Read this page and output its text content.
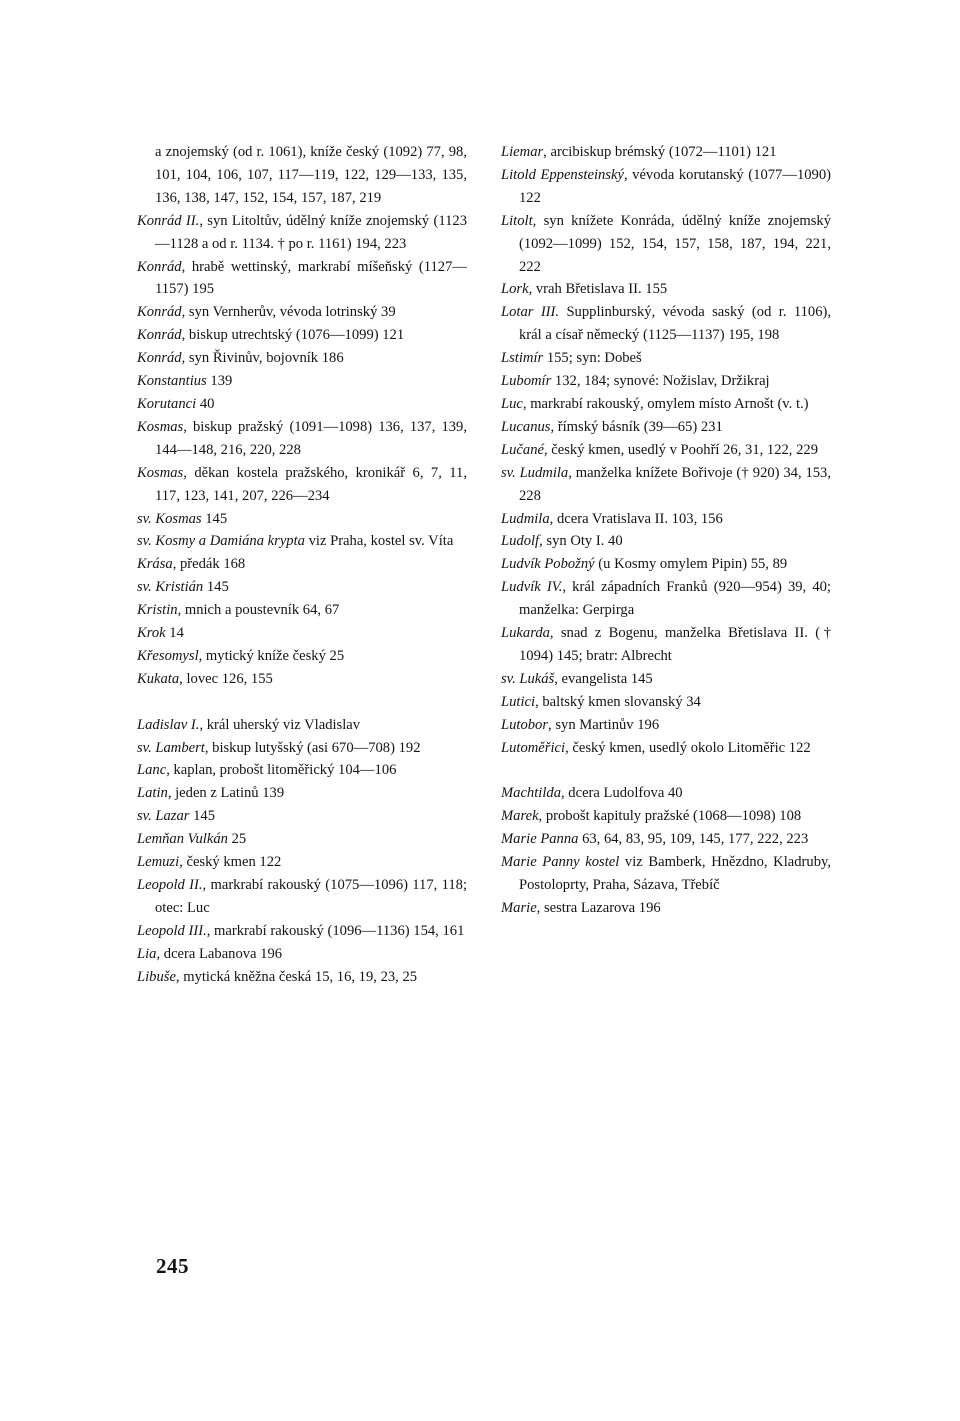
a znojemský (od r. 1061), kníže český (1092) 77, 98, 101, 104, 106, 107, 117—119, 122, 129—133, 135, 136, 138, 147, 152, 154, 157, 187, 219

Konrád II., syn Litoltův, údělný kníže znojemský (1123—1128 a od r. 1134. † po r. 1161) 194, 223

Konrád, hrabě wettinský, markrabí míšeňský (1127—1157) 195

Konrád, syn Vernherův, vévoda lotrinský 39

Konrád, biskup utrechtský (1076—1099) 121

Konrád, syn Řivinův, bojovník 186

Konstantius 139

Korutanci 40

Kosmas, biskup pražský (1091—1098) 136, 137, 139, 144—148, 216, 220, 228

Kosmas, děkan kostela pražského, kronikář 6, 7, 11, 117, 123, 141, 207, 226—234

sv. Kosmas 145

sv. Kosmy a Damiána krypta viz Praha, kostel sv. Víta

Krása, předák 168

sv. Kristián 145

Kristin, mnich a poustevník 64, 67

Krok 14

Křesomysl, mytický kníže český 25

Kukata, lovec 126, 155

Ladislav I., král uherský viz Vladislav

sv. Lambert, biskup lutyšský (asi 670—708) 192

Lanc, kaplan, probošt litoměřický 104—106

Latin, jeden z Latinů 139

sv. Lazar 145

Lemňan Vulkán 25

Lemuzi, český kmen 122

Leopold II., markrabí rakouský (1075—1096) 117, 118; otec: Luc

Leopold III., markrabí rakouský (1096—1136) 154, 161

Lia, dcera Labanova 196

Libuše, mytická kněžna česká 15, 16, 19, 23, 25

Liemar, arcibiskup brémský (1072—1101) 121

Litold Eppensteinský, vévoda korutanský (1077—1090) 122

Litolt, syn knížete Konráda, údělný kníže znojemský (1092—1099) 152, 154, 157, 158, 187, 194, 221, 222

Lork, vrah Břetislava II. 155

Lotar III. Supplinburský, vévoda saský (od r. 1106), král a císař německý (1125—1137) 195, 198

Lstimír 155; syn: Dobeš

Lubomír 132, 184; synové: Nožislav, Držikraj

Luc, markrabí rakouský, omylem místo Arnošt (v. t.)

Lucanus, římský básník (39—65) 231

Lučané, český kmen, usedlý v Poohří 26, 31, 122, 229

sv. Ludmila, manželka knížete Bořivoje († 920) 34, 153, 228

Ludmila, dcera Vratislava II. 103, 156

Ludolf, syn Oty I. 40

Ludvík Pobožný (u Kosmy omylem Pipin) 55, 89

Ludvík IV., král západních Franků (920—954) 39, 40; manželka: Gerpirga

Lukarda, snad z Bogenu, manželka Břetislava II. († 1094) 145; bratr: Albrecht

sv. Lukáš, evangelista 145

Lutici, baltský kmen slovanský 34

Lutobor, syn Martinův 196

Lutoměřici, český kmen, usedlý okolo Litoměřic 122

Machtilda, dcera Ludolfova 40

Marek, probošt kapituly pražské (1068—1098) 108

Marie Panna 63, 64, 83, 95, 109, 145, 177, 222, 223

Marie Panny kostel viz Bamberk, Hnězdno, Kladruby, Postoloprty, Praha, Sázava, Třebíč

Marie, sestra Lazarova 196

245
